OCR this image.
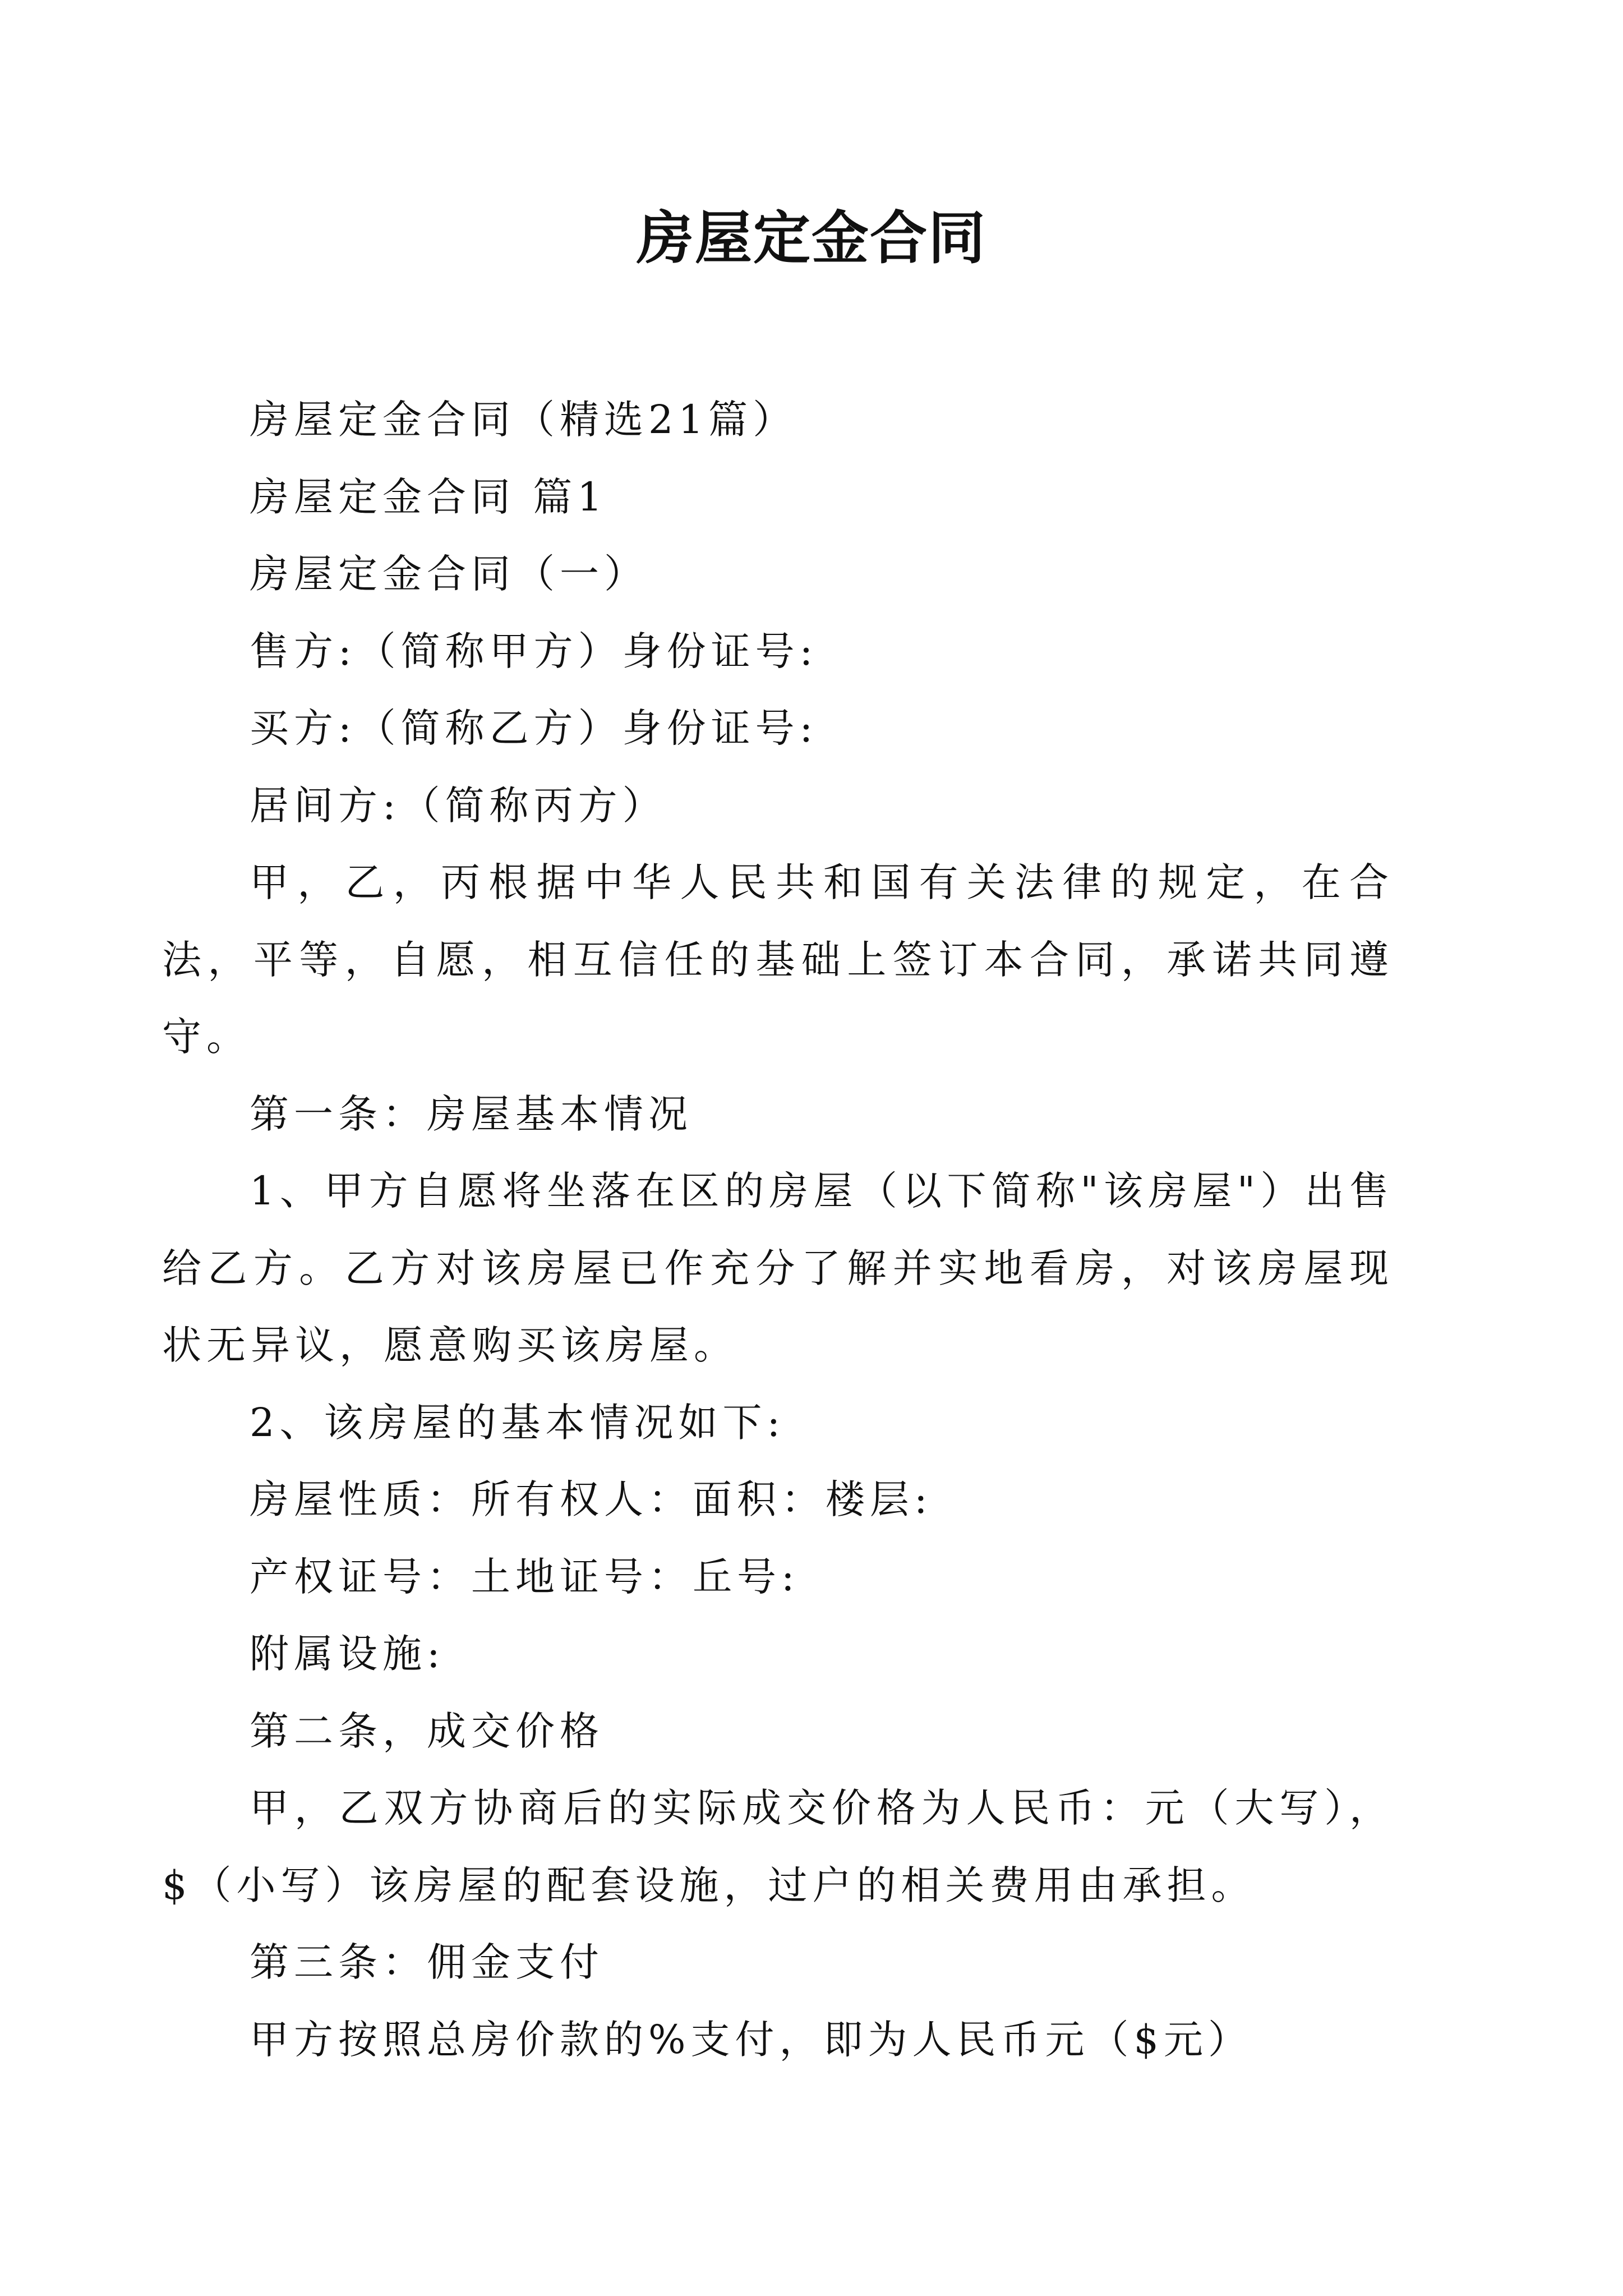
房屋定金合同

房屋定金合同（精选21篇）

房屋定金合同 篇1

房屋定金合同（一）

售方:（简称甲方）身份证号:

买方:（简称乙方）身份证号:

居间方:（简称丙方）

甲，乙，丙根据中华人民共和国有关法律的规定，在合法，平等，自愿，相互信任的基础上签订本合同，承诺共同遵守。

第一条：房屋基本情况

1、甲方自愿将坐落在区的房屋（以下简称"该房屋"）出售给乙方。乙方对该房屋已作充分了解并实地看房，对该房屋现状无异议，愿意购买该房屋。

2、该房屋的基本情况如下:

房屋性质：所有权人：面积：楼层:

产权证号：土地证号：丘号:

附属设施:

第二条，成交价格

甲，乙双方协商后的实际成交价格为人民币：元（大写），$（小写）该房屋的配套设施，过户的相关费用由承担。

第三条：佣金支付

甲方按照总房价款的%支付，即为人民币元（$元）
